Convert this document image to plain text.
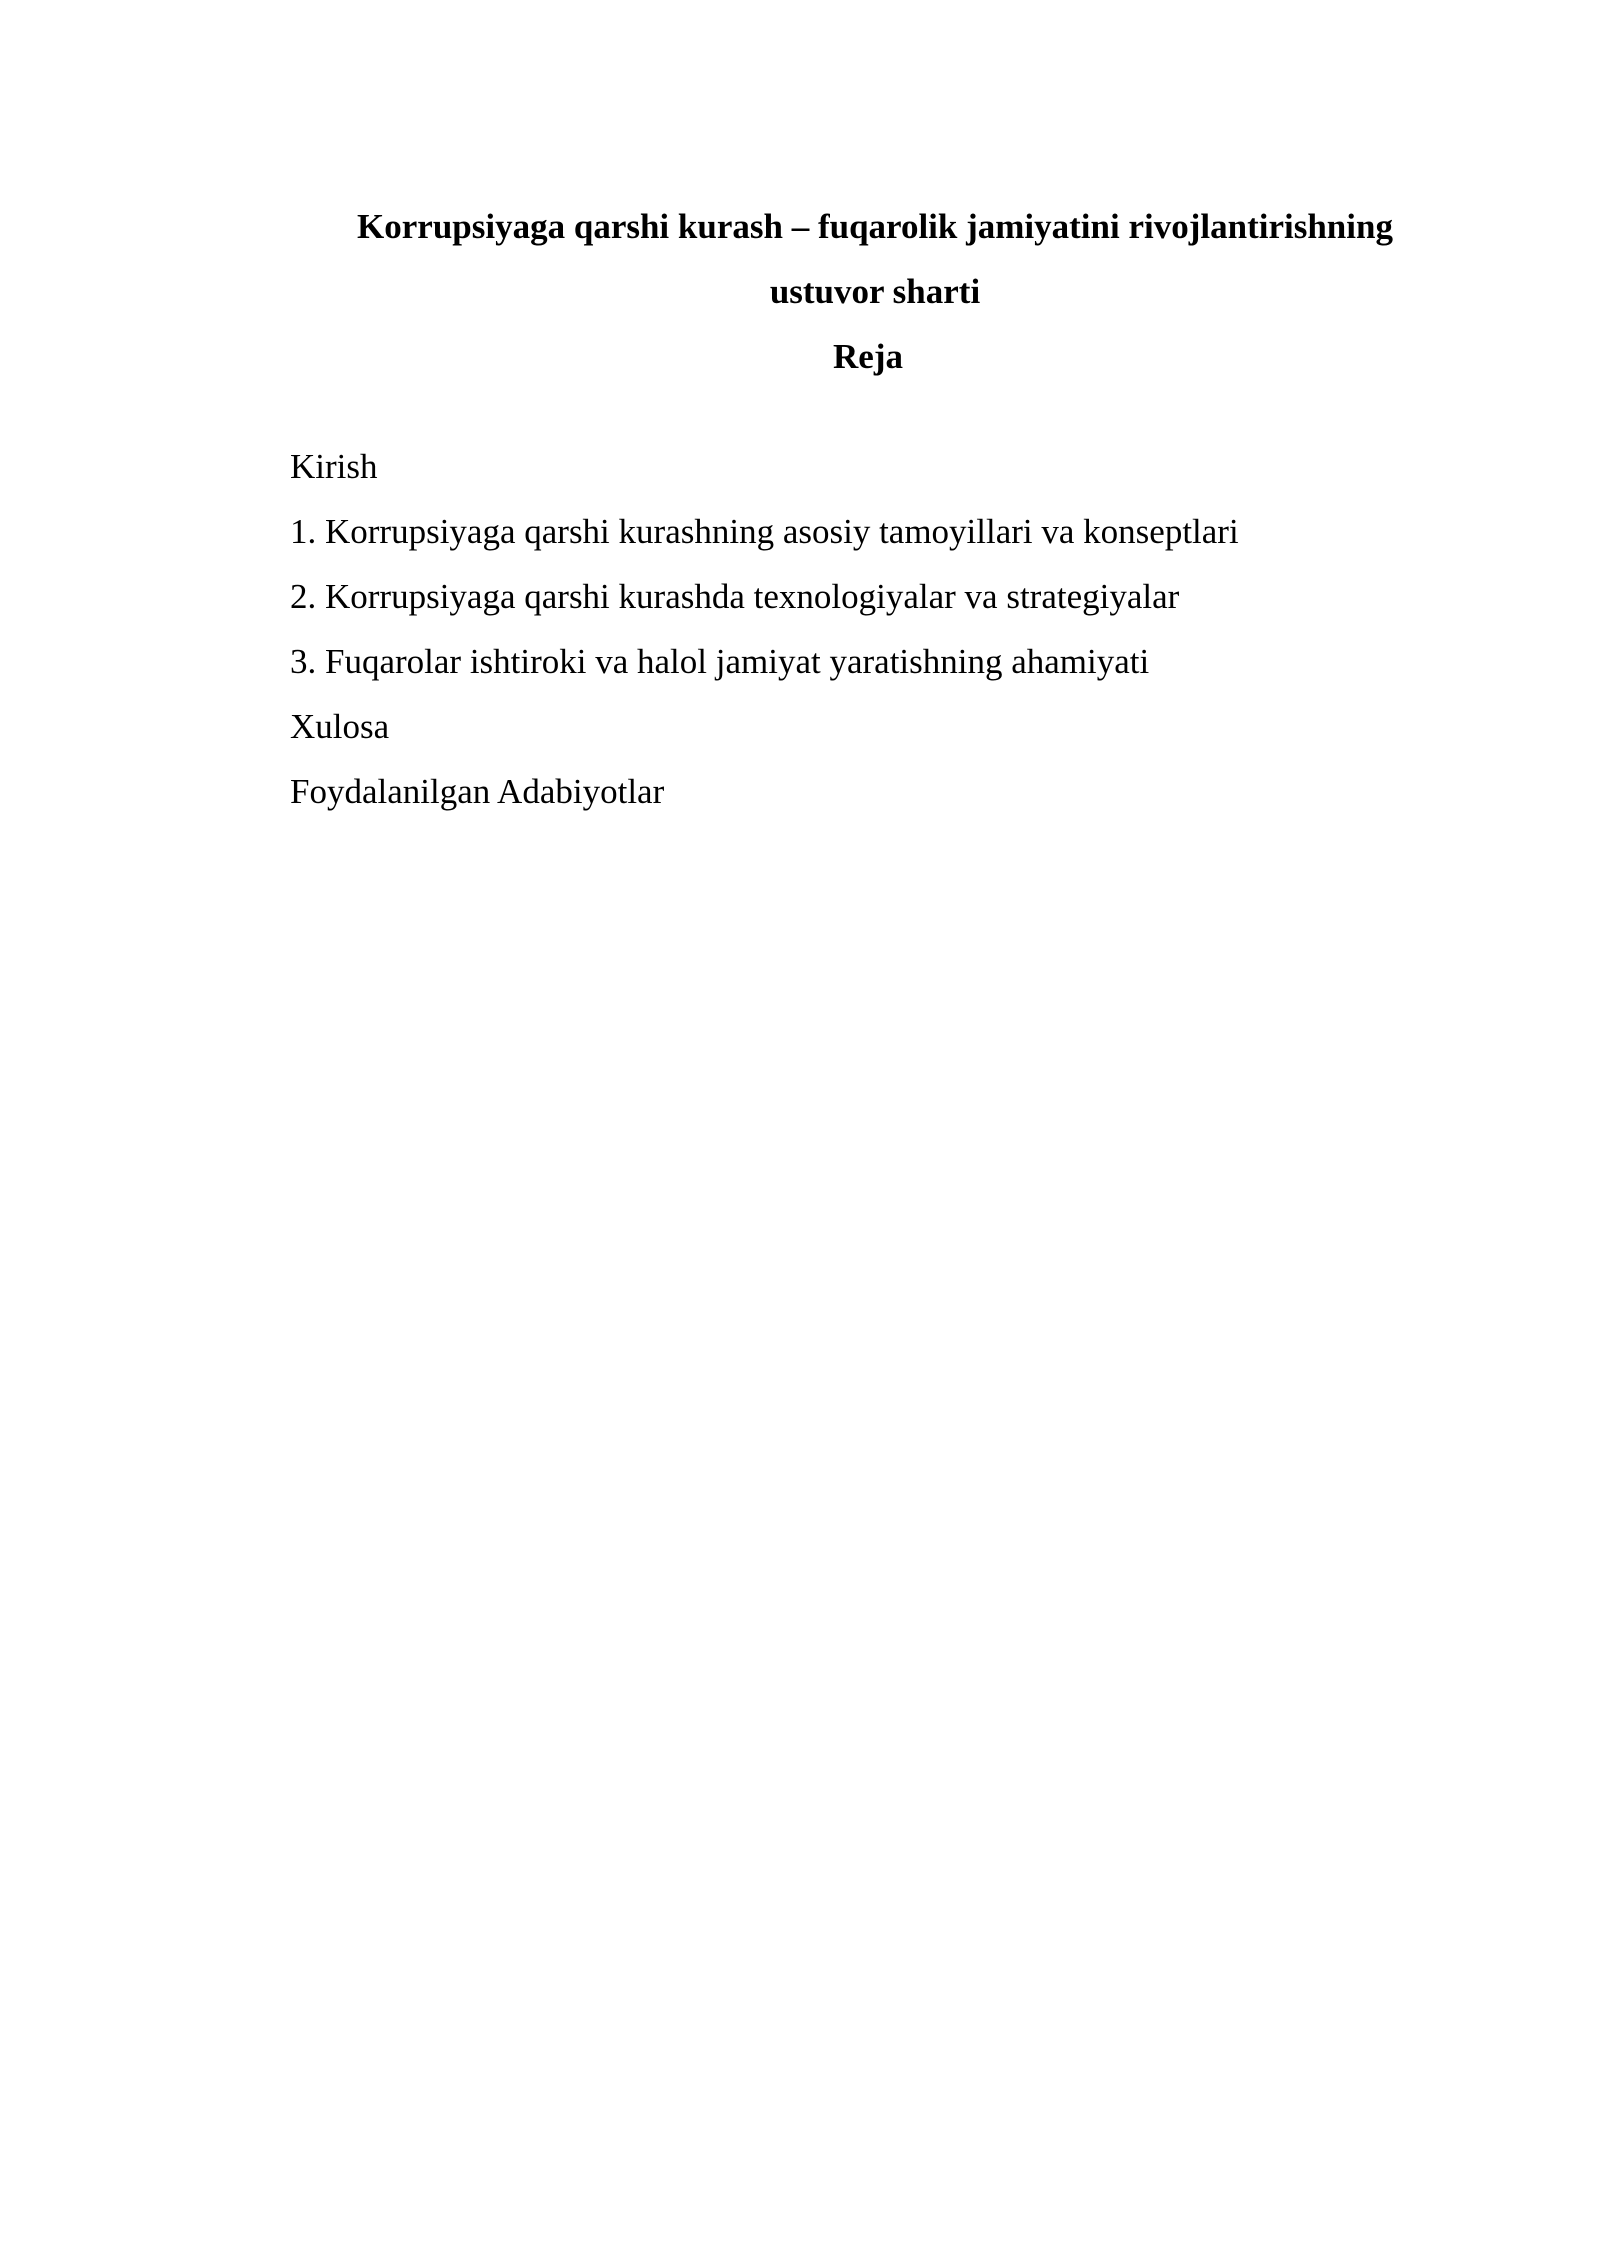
Korrupsiyaga qarshi kurash – fuqarolik jamiyatini rivojlantirishning
ustuvor sharti
Reja
Kirish
1. Korrupsiyaga qarshi kurashning asosiy tamoyillari va konseptlari
2. Korrupsiyaga qarshi kurashda texnologiyalar va strategiyalar
3. Fuqarolar ishtiroki va halol jamiyat yaratishning ahamiyati
Xulosa
Foydalanilgan Adabiyotlar
